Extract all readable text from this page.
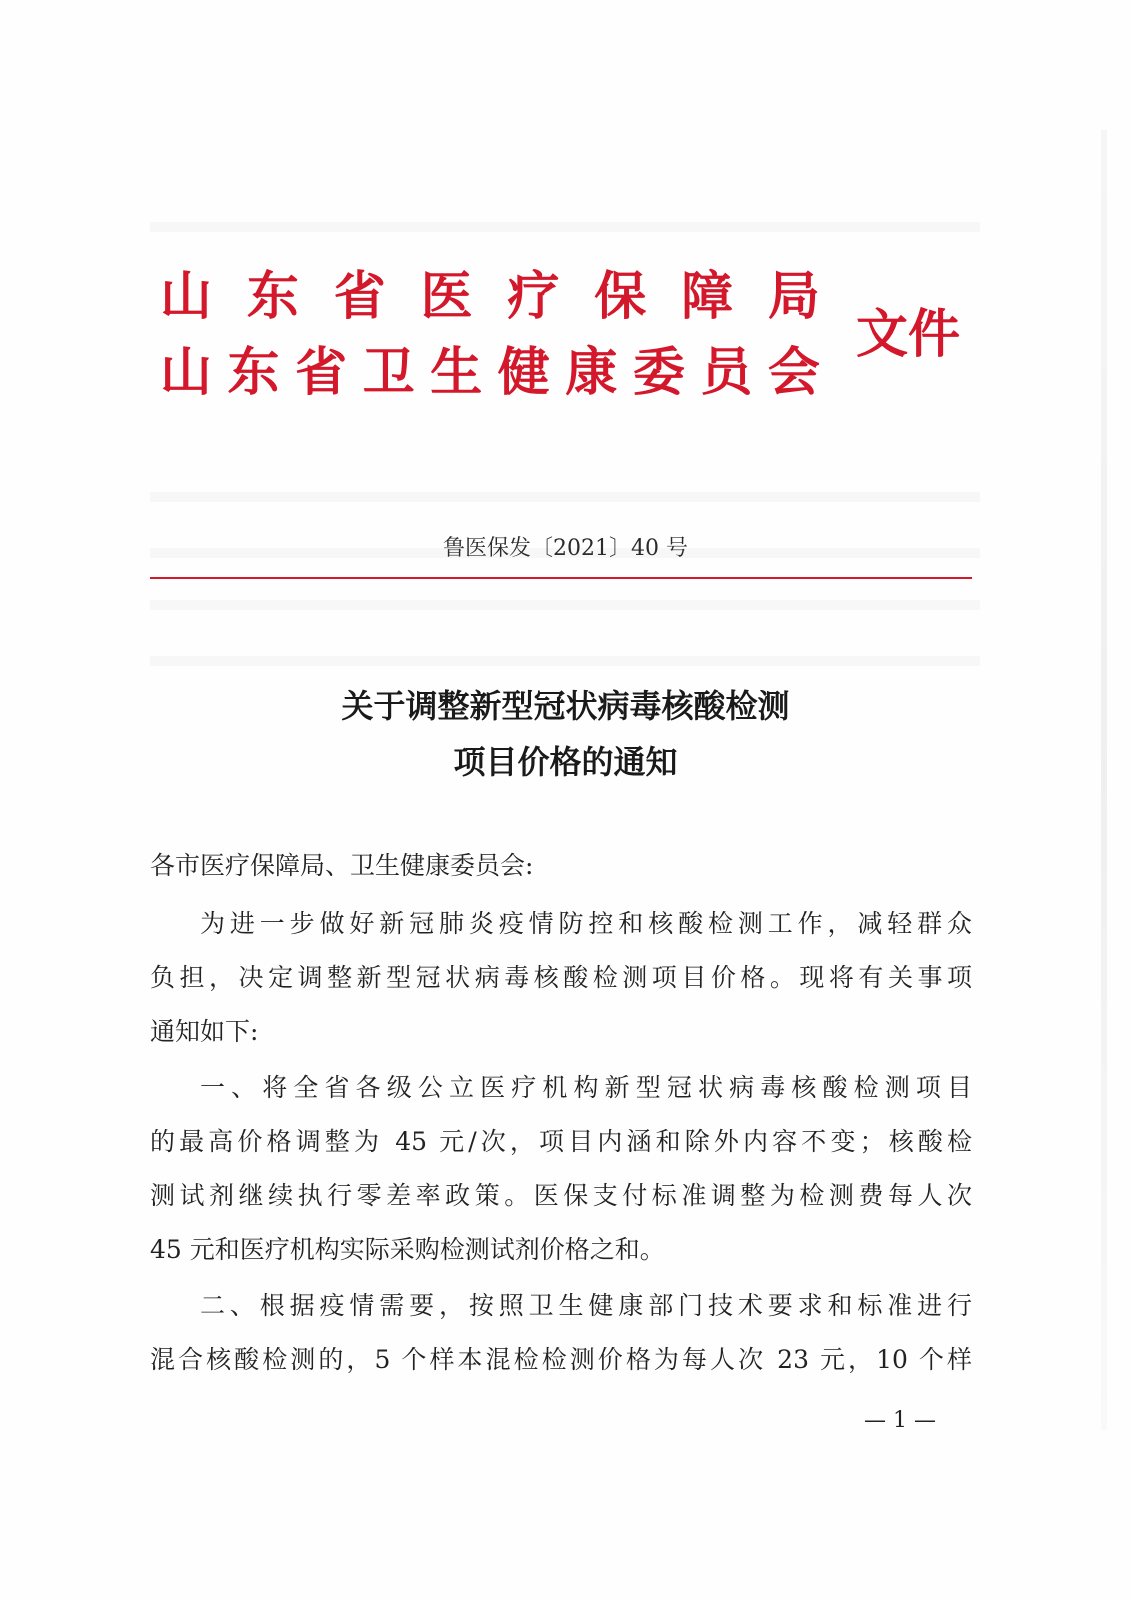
山 东 省 医 疗 保 障 局
山 东 省 卫 生 健 康 委 员 会
文件
鲁医保发〔2021〕40 号
关于调整新型冠状病毒核酸检测
项目价格的通知
各市医疗保障局、卫生健康委员会:
为进一步做好新冠肺炎疫情防控和核酸检测工作，减轻群众
负担，决定调整新型冠状病毒核酸检测项目价格。现将有关事项
通知如下:
一、将全省各级公立医疗机构新型冠状病毒核酸检测项目
的最高价格调整为 45 元/次，项目内涵和除外内容不变；核酸检
测试剂继续执行零差率政策。医保支付标准调整为检测费每人次
45 元和医疗机构实际采购检测试剂价格之和。
二、根据疫情需要，按照卫生健康部门技术要求和标准进行
混合核酸检测的，5 个样本混检检测价格为每人次 23 元，10 个样
— 1 —
